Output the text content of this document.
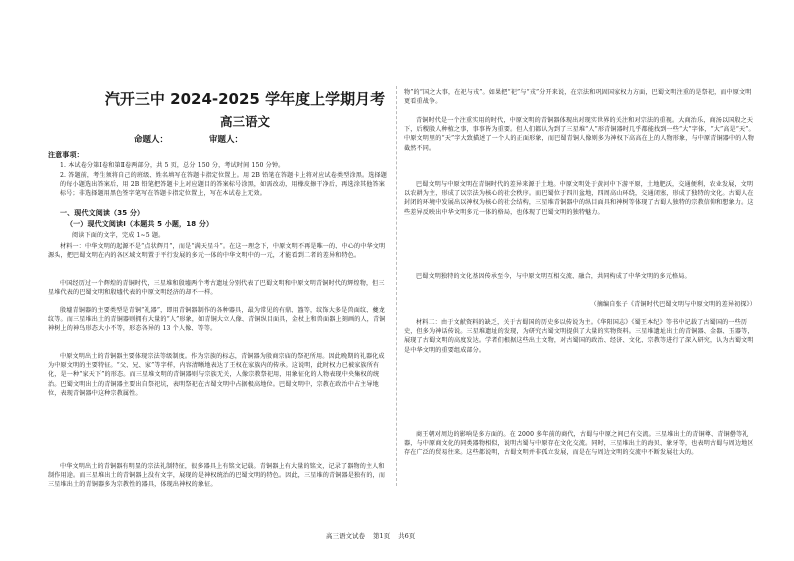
汽开三中 2024-2025 学年度上学期月考
高三语文
命题人：	审题人：
注意事项：
1. 本试卷分第Ⅰ卷和第Ⅱ卷两部分，共 5 页，总分 150 分，考试时间 150 分钟。
2. 答题前，考生须将自己的班级、姓名填写在答题卡指定位置上。用 2B 铅笔在答题卡上将对应试卷类型涂黑。选择题的每小题选出答案后，用 2B 铅笔把答题卡上对应题目的答案标号涂黑，如需改动，用橡皮擦干净后，再选涂其他答案标号；非选择题用黑色签字笔写在答题卡指定位置上，写在本试卷上无效。
一、现代文阅读（35 分）
（一）现代文阅读Ⅰ（本题共 5 小题，18 分）
阅读下面的文字，完成 1~5 题。
材料一：中华文明的起源不是“点状辉月”，而是“满天星斗”。在这一理念下，中原文明不再是唯一的、中心的中华文明源头，把巴蜀文明在内的各区域文明置于平行发展的多元一体的中华文明中的一元，才能看到二者的差异和特色。
中国经历过一个辉煌的青铜时代，三星堆和殷墟两个考古遗址分别代表了巴蜀文明和中原文明青铜时代的辉煌物，但三星堆代表的巴蜀文明和殷墟代表的中原文明经济的却不一样。
殷墟青铜器的主要类型是青铜“礼器”，即用青铜器制作的各种器具，最为常见的有鼎、簋等，纹饰大多是兽面纹、夔龙纹等。而三星堆出土的青铜器则拥有大量的“人”形象，如青铜大立人像、青铜纵目面具，金杖上和兽面器上刻画的人，青铜神树上的神鸟形态大小不等，形态各异的 13 个人像、等等。
中原文明出土的青铜器主要体现宗法等级制度。作为宗族的标志，青铜器为殷商宗庙的祭祀所用。因此晚期的礼器化成为中原文明的主要特征。“父、兄、家”等字样，内容清晰地表达了王权在家族内的传承。这说明，此时权力已被家族所有化，是一种“家天下”的形态。而三星堆文明的青铜器则与宗族无关，人像宗教祭祀用，用象征化的人物表现中央集权的统治。巴蜀文明出土的青铜器主要出自祭祀坑，表明祭祀在古蜀文明中占据极高地位。巴蜀文明中，宗教在政治中占主导地位，表现青铜器中这种宗教属性。
中华文明出土的青铜器有明显的宗法礼制特征，很多器具上有铭文记载。青铜器上有大量的铭文，记录了器物的主人和制作用途。而三星堆出土的青铜器上没有文字，展现的是神权统治的巴蜀文明的特色。因此，三星堆的青铜器是独有的，而三星堆出土的青铜器多为宗教性的器具，体现出神权的象征。
物”的“国之大事，在祀与戎”。如果把“祀”与“戎”分开来说，在宗法和巩固国家权力方面，巴蜀文明注重的是祭祀，而中原文明更看重战争。
青铜时代是一个注重实用的时代，中原文明的青铜器体现出对现实世界的关注和对宗法的重视。大商治乐，商汤以国殷之天下，后稷殷人种植之事，事事皆为重要。但人们都认为到了三星堆“人”形青铜器时几乎都能找到一些“大”字体，“大”高是“天”。中原文明里的“天”字大致描述了一个人的正面形象，而巴蜀青铜人像则多为神权下高高在上的人物形象，与中原青铜器中的人物截然不同。
巴蜀文明与中原文明在青铜时代的差异来源于土地。中原文明处于黄河中下游平原，土地肥沃，交通便利，农业发展，文明以农耕为主，形成了以宗法为核心的社会秩序。而巴蜀位于四川盆地，四周高山环绕，交通闭塞，形成了独特的文化。古蜀人在封闭的环境中发展出以神权为核心的社会结构，三星堆青铜器中的纵目面具和神树等体现了古蜀人独特的宗教信仰和想象力。这些差异反映出中华文明多元一体的格局，也体现了巴蜀文明的独特魅力。
巴蜀文明独特的文化基因传承至今，与中原文明互相交流、融合，共同构成了中华文明的多元格局。
（摘编自张子《青铜时代巴蜀文明与中原文明的差异初探》）
材料二：由于文献资料的缺乏，关于古蜀国的历史多以传说为主。《华阳国志》《蜀王本纪》等书中记载了古蜀国的一些历史，但多为神话传说。三星堆遗址的发现，为研究古蜀文明提供了大量的实物资料。三星堆遗址出土的青铜器、金器、玉器等，展现了古蜀文明的高度发达。学者们根据这些出土文物，对古蜀国的政治、经济、文化、宗教等进行了深入研究，认为古蜀文明是中华文明的重要组成部分。
商王朝对周边的影响是多方面的。在 2000 多年前的商代，古蜀与中原之间已有交流。三星堆出土的青铜尊、青铜罍等礼器，与中原商文化的同类器物相似，说明古蜀与中原存在文化交流。同时，三星堆出土的海贝、象牙等，也表明古蜀与周边地区存在广泛的贸易往来。这些都说明，古蜀文明并非孤立发展，而是在与周边文明的交流中不断发展壮大的。
高三语文试卷 第1页 共6页
